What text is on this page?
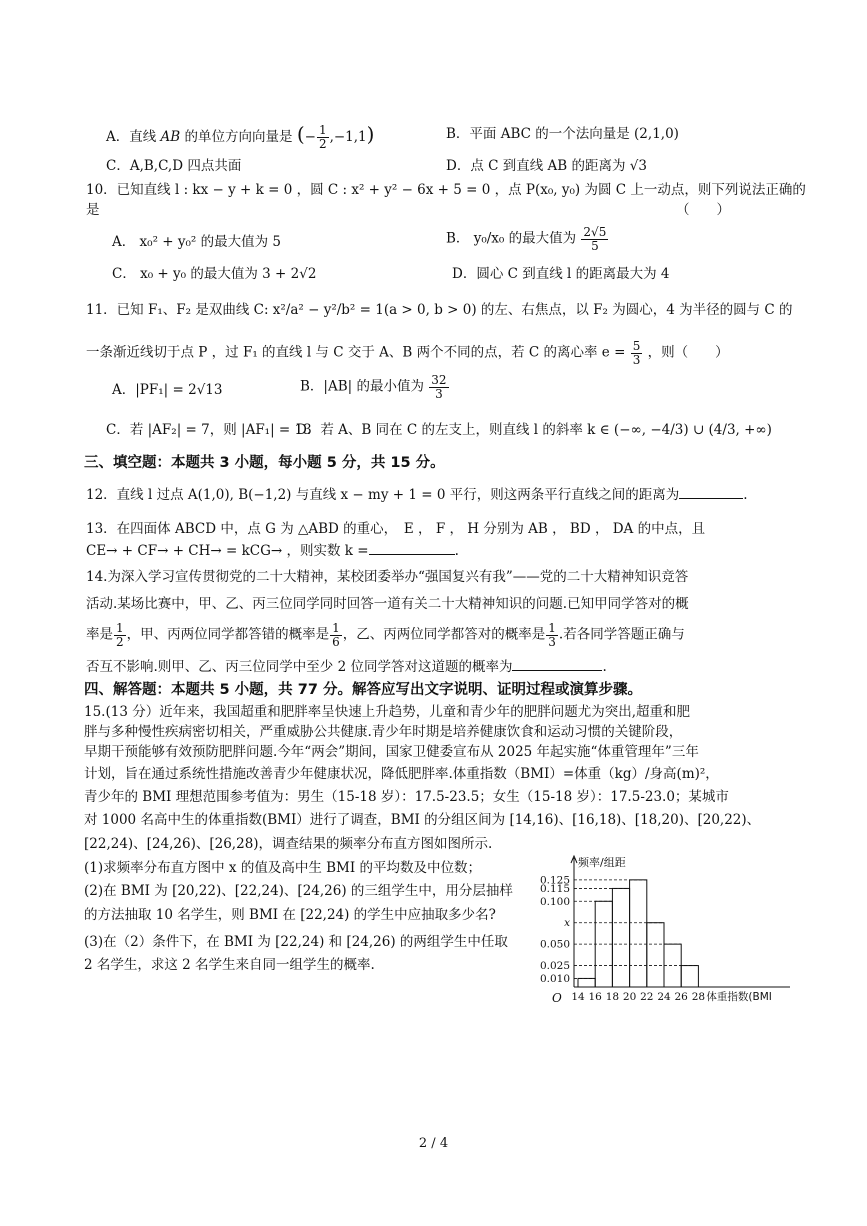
A．直线 AB 的单位方向向量是 (− $\frac{1}{2} ,-1,1$)	B．平面 ABC 的一个法向量是 (2,1,0)
C．A,B,C,D 四点共面	D．点 C 到直线 AB 的距离为 √3
10．已知直线 l : kx − y + k = 0 ，圆 C : x² + y² − 6x + 5 = 0 ，点 P(x₀, y₀) 为圆 C 上一动点，则下列说法正确的
是	（　　）
A． x₀² + y₀² 的最大值为 5	B． y₀/x₀ 的最大值为 $\frac{2√5}{5}$
C． x₀ + y₀ 的最大值为 3 + 2√2	D．圆心 C 到直线 l 的距离最大为 4
11．已知 F₁、F₂ 是双曲线 C: x²/a² − y²/b² = 1(a > 0, b > 0) 的左、右焦点，以 F₂ 为圆心，4 为半径的圆与 C 的
一条渐近线切于点 P ，过 F₁ 的直线 l 与 C 交于 A、B 两个不同的点，若 C 的离心率 $e = \frac{5}{3}$ ，则（　　）
A．|PF₁| = 2√13	B．|AB| 的最小值为 $\frac{32}{3}$
C．若 |AF₂| = 7，则 |AF₁| = 13
D．若 A、B 同在 C 的左支上，则直线 l 的斜率 k ∈ (−∞, −4/3) ∪ (4/3, +∞)
三、填空题：本题共 3 小题，每小题 5 分，共 15 分。
12．直线 l 过点 A(1,0), B(−1,2) 与直线 x − my + 1 = 0 平行，则这两条平行直线之间的距离为	.
13．在四面体 ABCD 中，点 G 为 △ABD 的重心，　E ， F ， H 分别为 AB ， BD ， DA 的中点，且
CE→ + CF→ + CH→ = kCG→ ，则实数 k =	.
14.为深入学习宣传贯彻党的二十大精神，某校团委举办“强国复兴有我”——党的二十大精神知识竞答
活动.某场比赛中，甲、乙、丙三位同学同时回答一道有关二十大精神知识的问题.已知甲同学答对的概
率是 $\frac{1}{2}$ ，甲、丙两位同学都答错的概率是 $\frac{1}{6}$ ，乙、丙两位同学都答对的概率是 $\frac{1}{3}$ .若各同学答题正确与
否互不影响.则甲、乙、丙三位同学中至少 2 位同学答对这道题的概率为	.
四、解答题：本题共 5 小题，共 77 分。解答应写出文字说明、证明过程或演算步骤。
15.(13 分）近年来，我国超重和肥胖率呈快速上升趋势，儿童和青少年的肥胖问题尤为突出,超重和肥
胖与多种慢性疾病密切相关，严重威胁公共健康.青少年时期是培养健康饮食和运动习惯的关键阶段，
早期干预能够有效预防肥胖问题.今年“两会”期间，国家卫健委宣布从 2025 年起实施“体重管理年”三年
计划，旨在通过系统性措施改善青少年健康状况，降低肥胖率.体重指数（BMI）=体重（kg）/身高(m)²，
青少年的 BMI 理想范围参考值为：男生（15-18 岁）：17.5-23.5；女生（15-18 岁）：17.5-23.0；某城市
对 1000 名高中生的体重指数(BMI）进行了调查，BMI 的分组区间为 [14,16)、[16,18)、[18,20)、[20,22)、
[22,24)、[24,26)、[26,28)，调查结果的频率分布直方图如图所示.
(1)求频率分布直方图中 x 的值及高中生 BMI 的平均数及中位数；
(2)在 BMI 为 [20,22)、[22,24)、[24,26) 的三组学生中，用分层抽样
的方法抽取 10 名学生，则 BMI 在 [22,24) 的学生中应抽取多少名?
(3)在（2）条件下，在 BMI 为 [22,24) 和 [24,26) 的两组学生中任取
2 名学生，求这 2 名学生来自同一组学生的概率.
频率/组距
O
0.125
0.115
0.100
x
0.050
0.025
0.010
14 16 18 20 22 24 26 28 体重指数(BMI
2 / 4
